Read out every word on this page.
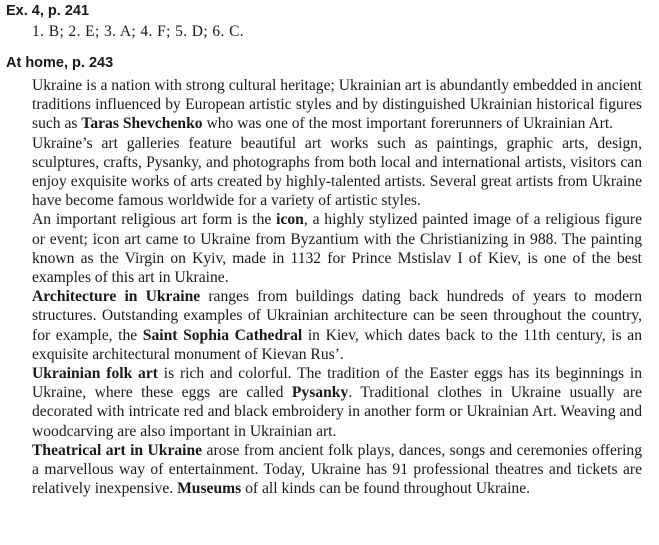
Ex. 4, p. 241
1. B; 2. E; 3. A; 4. F; 5. D; 6. C.
At home, p. 243

Ukraine is a nation with strong cultural heritage; Ukrainian art is abundantly embedded in ancient traditions influenced by European artistic styles and by distinguished Ukrainian historical figures such as Taras Shevchenko who was one of the most important forerunners of Ukrainian Art.

Ukraine’s art galleries feature beautiful art works such as paintings, graphic arts, design, sculptures, crafts, Pysanky, and photographs from both local and international artists, visitors can enjoy exquisite works of arts created by highly-talented artists. Several great artists from Ukraine have become famous worldwide for a variety of artistic styles.

An important religious art form is the icon, a highly stylized painted image of a religious figure or event; icon art came to Ukraine from Byzantium with the Christianizing in 988. The painting known as the Virgin on Kyiv, made in 1132 for Prince Mstislav I of Kiev, is one of the best examples of this art in Ukraine.

Architecture in Ukraine ranges from buildings dating back hundreds of years to modern structures. Outstanding examples of Ukrainian architecture can be seen throughout the country, for example, the Saint Sophia Cathedral in Kiev, which dates back to the 11th century, is an exquisite architectural monument of Kievan Rus’.

Ukrainian folk art is rich and colorful. The tradition of the Easter eggs has its beginnings in Ukraine, where these eggs are called Pysanky. Traditional clothes in Ukraine usually are decorated with intricate red and black embroidery in another form or Ukrainian Art. Weaving and woodcarving are also important in Ukrainian art.

Theatrical art in Ukraine arose from ancient folk plays, dances, songs and ceremonies offering a marvellous way of entertainment. Today, Ukraine has 91 professional theatres and tickets are relatively inexpensive. Museums of all kinds can be found throughout Ukraine.
